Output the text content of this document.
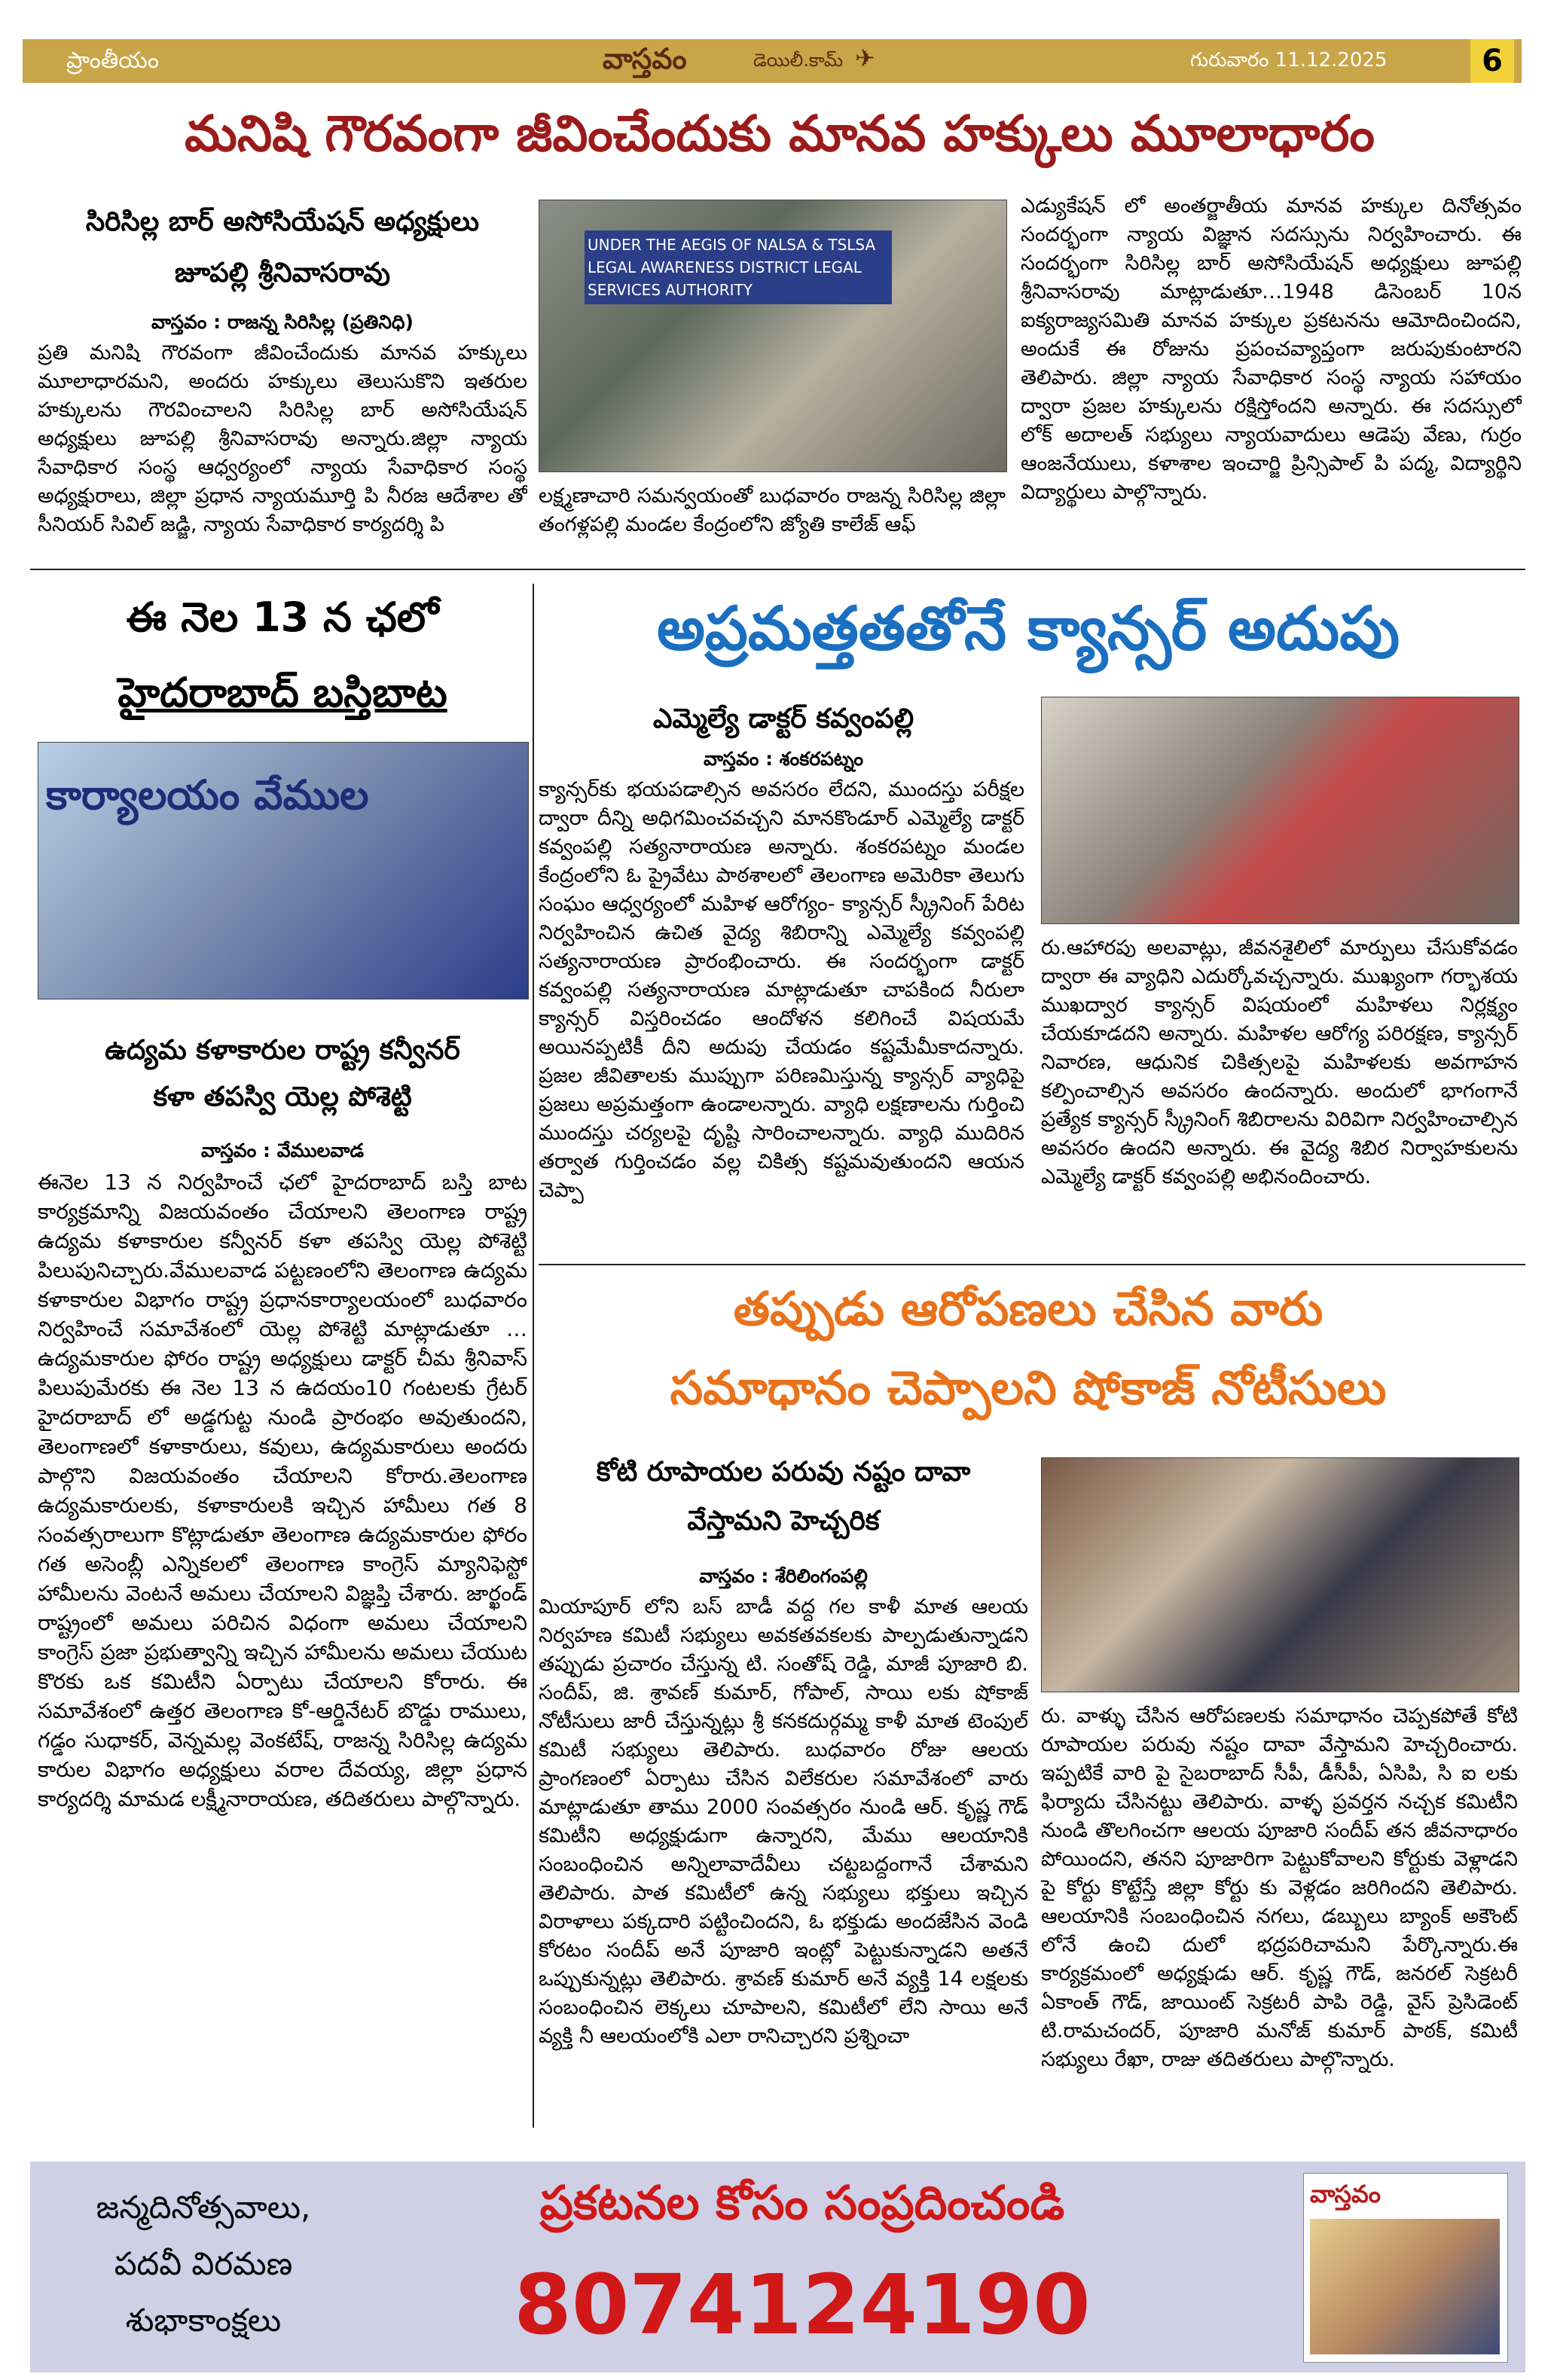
ప్రాంతీయం	వాస్తవం	డెయిలీ.కామ్ ✈	గురువారం 11.12.2025	6
మనిషి గౌరవంగా జీవించేందుకు మానవ హక్కులు మూలాధారం
సిరిసిల్ల బార్ అసోసియేషన్ అధ్యక్షులు
జూపల్లి శ్రీనివాసరావు
వాస్తవం : రాజన్న సిరిసిల్ల (ప్రతినిధి)

ప్రతి మనిషి గౌరవంగా జీవించేందుకు మానవ హక్కులు మూలాధారమని, అందరు హక్కులు తెలుసుకొని ఇతరుల హక్కులను గౌరవించాలని సిరిసిల్ల బార్ అసోసియేషన్ అధ్యక్షులు జూపల్లి శ్రీనివాసరావు అన్నారు.జిల్లా న్యాయ సేవాధికార సంస్థ ఆధ్వర్యంలో న్యాయ సేవాధికార సంస్థ అధ్యక్షురాలు, జిల్లా ప్రధాన న్యాయమూర్తి పి నీరజ ఆదేశాల తో సీనియర్ సివిల్ జడ్జి, న్యాయ సేవాధికార కార్యదర్శి పి

UNDER THE AEGIS OF NALSA & TSLSA LEGAL AWARENESS DISTRICT LEGAL SERVICES AUTHORITY

లక్ష్మణాచారి సమన్వయంతో బుధవారం రాజన్న సిరిసిల్ల జిల్లా తంగళ్లపల్లి మండల కేంద్రంలోని జ్యోతి కాలేజ్ ఆఫ్

ఎడ్యుకేషన్ లో అంతర్జాతీయ మానవ హక్కుల దినోత్సవం సందర్భంగా న్యాయ విజ్ఞాన సదస్సును నిర్వహించారు. ఈ సందర్భంగా సిరిసిల్ల బార్ అసోసియేషన్ అధ్యక్షులు జూపల్లి శ్రీనివాసరావు మాట్లాడుతూ…1948 డిసెంబర్ 10న ఐక్యరాజ్యసమితి మానవ హక్కుల ప్రకటనను ఆమోదించిందని, అందుకే ఈ రోజును ప్రపంచవ్యాప్తంగా జరుపుకుంటారని తెలిపారు. జిల్లా న్యాయ సేవాధికార సంస్థ న్యాయ సహాయం ద్వారా ప్రజల హక్కులను రక్షిస్తోందని అన్నారు. ఈ సదస్సులో లోక్ అదాలత్ సభ్యులు న్యాయవాదులు ఆడెపు వేణు, గుర్రం ఆంజనేయులు, కళాశాల ఇంచార్జి ప్రిన్సిపాల్ పి పద్మ, విద్యార్థిని విద్యార్థులు పాల్గొన్నారు.

ఈ నెల 13 న ఛలో
హైదరాబాద్ బస్తిబాట
కార్యాలయం వేముల
ఉద్యమ కళాకారుల రాష్ట్ర కన్వీనర్
కళా తపస్వి యెల్ల పోశెట్టి
వాస్తవం : వేములవాడ

ఈనెల 13 న నిర్వహించే ఛలో హైదరాబాద్ బస్తి బాట కార్యక్రమాన్ని విజయవంతం చేయాలని తెలంగాణ రాష్ట్ర ఉద్యమ కళాకారుల కన్వీనర్ కళా తపస్వి యెల్ల పోశెట్టి పిలుపునిచ్చారు.వేములవాడ పట్టణంలోని తెలంగాణ ఉద్యమ కళాకారుల విభాగం రాష్ట్ర ప్రధానకార్యాలయంలో బుధవారం నిర్వహించే సమావేశంలో యెల్ల పోశెట్టి మాట్లాడుతూ …ఉద్యమకారుల ఫోరం రాష్ట్ర అధ్యక్షులు డాక్టర్ చీమ శ్రీనివాస్ పిలుపుమేరకు ఈ నెల 13 న ఉదయం10 గంటలకు గ్రేటర్ హైదరాబాద్ లో అడ్డగుట్ట నుండి ప్రారంభం అవుతుందని, తెలంగాణలో కళాకారులు, కవులు, ఉద్యమకారులు అందరు పాల్గొని విజయవంతం చేయాలని కోరారు.తెలంగాణ ఉద్యమకారులకు, కళాకారులకి ఇచ్చిన హామీలు గత 8 సంవత్సరాలుగా కొట్లాడుతూ తెలంగాణ ఉద్యమకారుల ఫోరం గత అసెంబ్లీ ఎన్నికలలో తెలంగాణ కాంగ్రెస్ మ్యానిఫెస్టో హామీలను వెంటనే అమలు చేయాలని విజ్ఞప్తి చేశారు. జార్ఖండ్ రాష్ట్రంలో అమలు పరిచిన విధంగా అమలు చేయాలని కాంగ్రెస్ ప్రజా ప్రభుత్వాన్ని ఇచ్చిన హామీలను అమలు చేయుట కొరకు ఒక కమిటీని ఏర్పాటు చేయాలని కోరారు. ఈ సమావేశంలో ఉత్తర తెలంగాణ కో-ఆర్డినేటర్ బొడ్డు రాములు, గడ్డం సుధాకర్, వెన్నమల్ల వెంకటేష్, రాజన్న సిరిసిల్ల ఉద్యమ కారుల విభాగం అధ్యక్షులు వరాల దేవయ్య, జిల్లా ప్రధాన కార్యదర్శి మామడ లక్ష్మీనారాయణ, తదితరులు పాల్గొన్నారు.

అప్రమత్తతతోనే క్యాన్సర్ అదుపు
ఎమ్మెల్యే డాక్టర్ కవ్వంపల్లి
వాస్తవం : శంకరపట్నం

క్యాన్సర్‌కు భయపడాల్సిన అవసరం లేదని, ముందస్తు పరీక్షల ద్వారా దీన్ని అధిగమించవచ్చని మానకొండూర్ ఎమ్మెల్యే డాక్టర్ కవ్వంపల్లి సత్యనారాయణ అన్నారు. శంకరపట్నం మండల కేంద్రంలోని ఓ ప్రైవేటు పాఠశాలలో తెలంగాణ అమెరికా తెలుగు సంఘం ఆధ్వర్యంలో మహిళ ఆరోగ్యం- క్యాన్సర్ స్క్రీనింగ్ పేరిట నిర్వహించిన ఉచిత వైద్య శిబిరాన్ని ఎమ్మెల్యే కవ్వంపల్లి సత్యనారాయణ ప్రారంభించారు. ఈ సందర్భంగా డాక్టర్ కవ్వంపల్లి సత్యనారాయణ మాట్లాడుతూ చాపకింద నీరులా క్యాన్సర్ విస్తరించడం ఆందోళన కలిగించే విషయమే అయినప్పటికీ దీని అదుపు చేయడం కష్టమేమీకాదన్నారు. ప్రజల జీవితాలకు ముప్పుగా పరిణమిస్తున్న క్యాన్సర్ వ్యాధిపై ప్రజలు అప్రమత్తంగా ఉండాలన్నారు. వ్యాధి లక్షణాలను గుర్తించి ముందస్తు చర్యలపై దృష్టి సారించాలన్నారు. వ్యాధి ముదిరిన తర్వాత గుర్తించడం వల్ల చికిత్స కష్టమవుతుందని ఆయన చెప్పా

రు.ఆహారపు అలవాట్లు, జీవనశైలిలో మార్పులు చేసుకోవడం ద్వారా ఈ వ్యాధిని ఎదుర్కోవచ్చన్నారు. ముఖ్యంగా గర్భాశయ ముఖద్వార క్యాన్సర్ విషయంలో మహిళలు నిర్లక్ష్యం చేయకూడదని అన్నారు. మహిళల ఆరోగ్య పరిరక్షణ, క్యాన్సర్ నివారణ, ఆధునిక చికిత్సలపై మహిళలకు అవగాహన కల్పించాల్సిన అవసరం ఉందన్నారు. అందులో భాగంగానే ప్రత్యేక క్యాన్సర్ స్క్రీనింగ్ శిబిరాలను విరివిగా నిర్వహించాల్సిన అవసరం ఉందని అన్నారు. ఈ వైద్య శిబిర నిర్వాహకులను ఎమ్మెల్యే డాక్టర్ కవ్వంపల్లి అభినందించారు.

తప్పుడు ఆరోపణలు చేసిన వారు
సమాధానం చెప్పాలని షోకాజ్ నోటీసులు
కోటి రూపాయల పరువు నష్టం దావా
వేస్తామని హెచ్చరిక
వాస్తవం : శేరిలింగంపల్లి

మియాపూర్ లోని బస్ బాడీ వద్ద గల కాళీ మాత ఆలయ నిర్వహణ కమిటీ సభ్యులు అవకతవకలకు పాల్పడుతున్నాడని తప్పుడు ప్రచారం చేస్తున్న టి. సంతోష్ రెడ్డి, మాజీ పూజారి బి. సందీప్, జి. శ్రావణ్ కుమార్, గోపాల్, సాయి లకు షోకాజ్ నోటీసులు జారీ చేస్తున్నట్లు శ్రీ కనకదుర్గమ్మ కాళీ మాత టెంపుల్ కమిటీ సభ్యులు తెలిపారు. బుధవారం రోజు ఆలయ ప్రాంగణంలో ఏర్పాటు చేసిన విలేకరుల సమావేశంలో వారు మాట్లాడుతూ తాము 2000 సంవత్సరం నుండి ఆర్. కృష్ణ గౌడ్ కమిటీని అధ్యక్షుడుగా ఉన్నారని, మేము ఆలయానికి సంబంధించిన అన్నిలావాదేవీలు చట్టబద్దంగానే చేశామని తెలిపారు. పాత కమిటీలో ఉన్న సభ్యులు భక్తులు ఇచ్చిన విరాళాలు పక్కదారి పట్టించిందని, ఓ భక్తుడు అందజేసిన వెండి కోరటం సందీప్ అనే పూజారి ఇంట్లో పెట్టుకున్నాడని అతనే ఒప్పుకున్నట్లు తెలిపారు. శ్రావణ్ కుమార్ అనే వ్యక్తి 14 లక్షలకు సంబంధించిన లెక్కలు చూపాలని, కమిటీలో లేని సాయి అనే వ్యక్తి నీ ఆలయంలోకి ఎలా రానిచ్చారని ప్రశ్నించా

రు. వాళ్ళు చేసిన ఆరోపణలకు సమాధానం చెప్పకపోతే కోటి రూపాయల పరువు నష్టం దావా వేస్తామని హెచ్చరించారు. ఇప్పటికే వారి పై సైబరాబాద్ సీపీ, డీసీపీ, ఏసిపి, సి ఐ లకు ఫిర్యాదు చేసినట్టు తెలిపారు. వాళ్ళ ప్రవర్తన నచ్చక కమిటీని నుండి తొలగించగా ఆలయ పూజారి సందీప్ తన జీవనాధారం పోయిందని, తనని పూజారిగా పెట్టుకోవాలని కోర్టుకు వెళ్లాడని పై కోర్టు కొట్టేస్తే జిల్లా కోర్టు కు వెళ్లడం జరిగిందని తెలిపారు. ఆలయానికి సంబంధించిన నగలు, డబ్బులు బ్యాంక్ అకౌంట్ లోనే ఉంచి దులో భద్రపరిచామని పేర్కొన్నారు.ఈ కార్యక్రమంలో అధ్యక్షుడు ఆర్. కృష్ణ గౌడ్, జనరల్ సెక్రటరీ ఏకాంత్ గౌడ్, జాయింట్ సెక్రటరీ పాపి రెడ్డి, వైస్ ప్రెసిడెంట్ టి.రామచందర్, పూజారి మనోజ్ కుమార్ పాఠక్, కమిటీ సభ్యులు రేఖా, రాజు తదితరులు పాల్గొన్నారు.

జన్మదినోత్సవాలు,
పదవీ విరమణ
శుభాకాంక్షలు
ప్రకటనల కోసం సంప్రదించండి
8074124190
వాస్తవం
